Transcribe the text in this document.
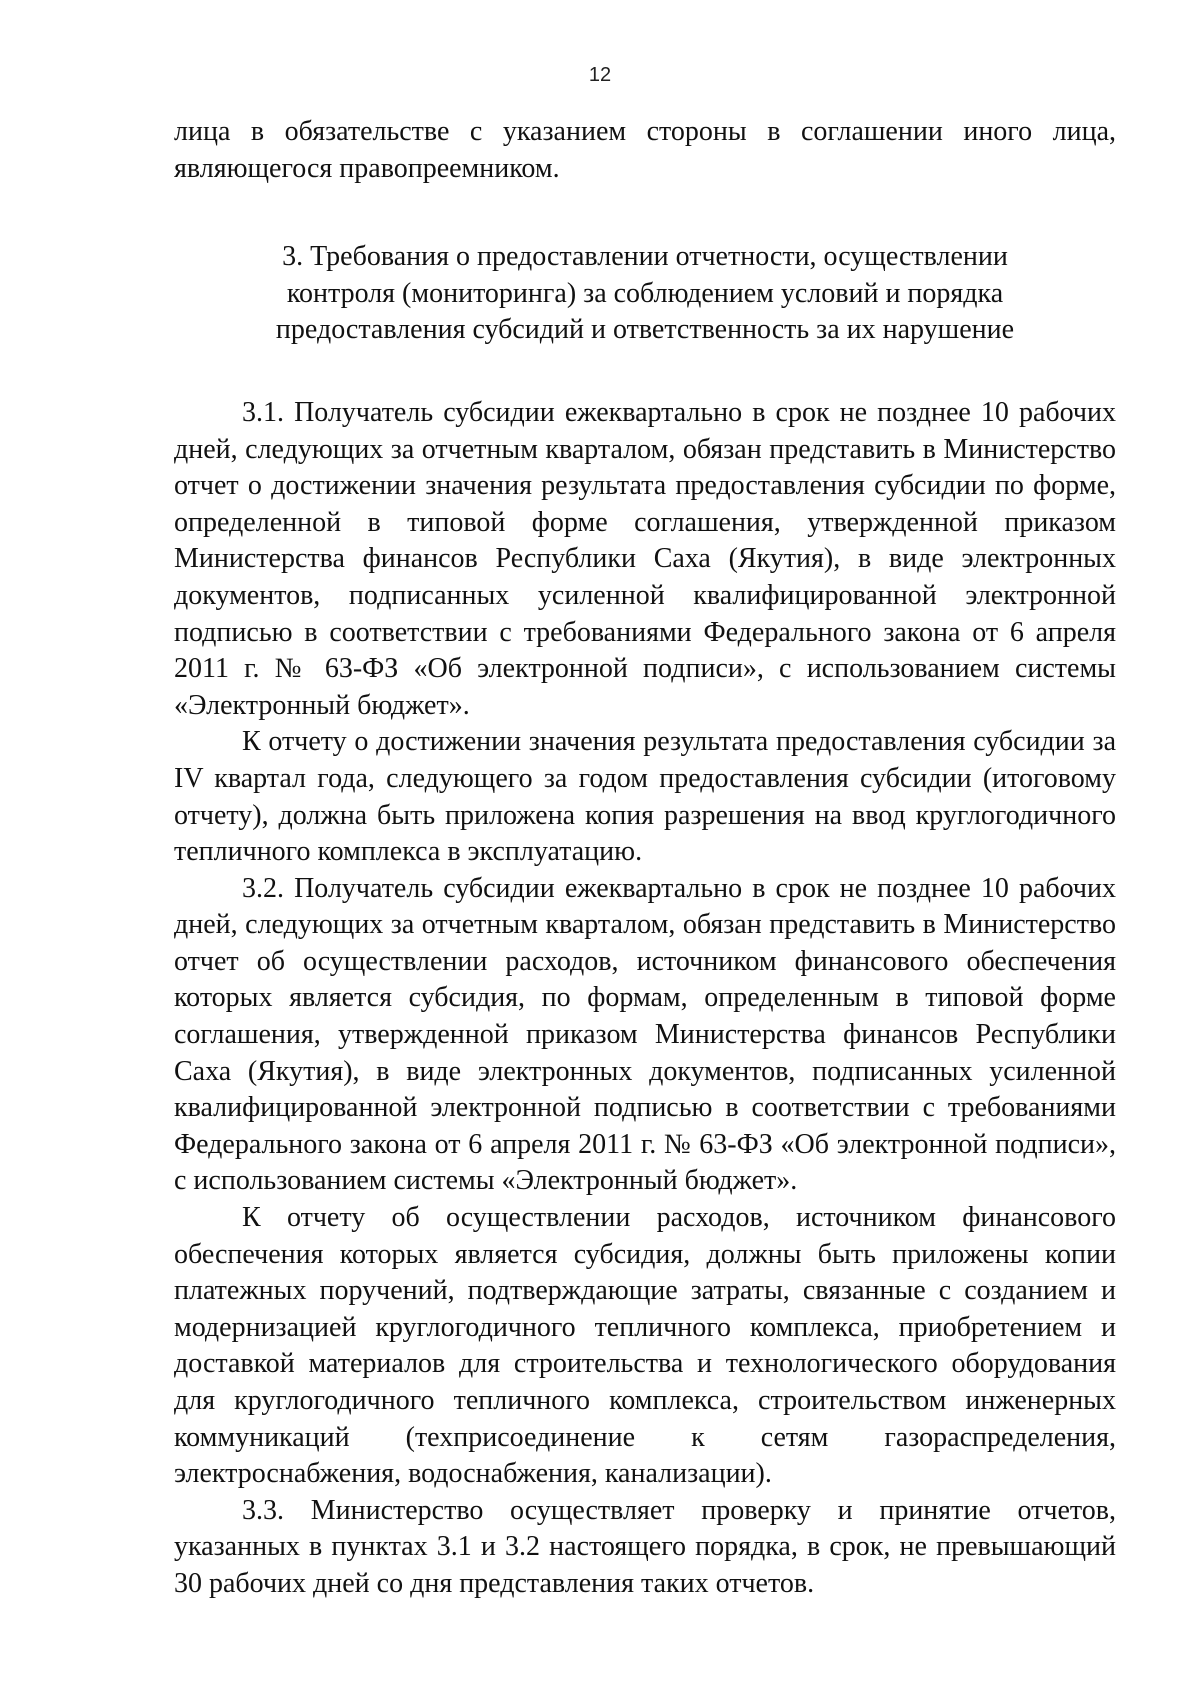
12

лица в обязательстве с указанием стороны в соглашении иного лица, являющегося правопреемником.

3. Требования о предоставлении отчетности, осуществлении
контроля (мониторинга) за соблюдением условий и порядка
предоставления субсидий и ответственность за их нарушение

3.1. Получатель субсидии ежеквартально в срок не позднее 10 рабочих дней, следующих за отчетным кварталом, обязан представить в Министерство отчет о достижении значения результата предоставления субсидии по форме, определенной в типовой форме соглашения, утвержденной приказом Министерства финансов Республики Саха (Якутия), в виде электронных документов, подписанных усиленной квалифицированной электронной подписью в соответствии с требованиями Федерального закона от 6 апреля 2011 г. № 63-ФЗ «Об электронной подписи», с использованием системы «Электронный бюджет».

К отчету о достижении значения результата предоставления субсидии за IV квартал года, следующего за годом предоставления субсидии (итоговому отчету), должна быть приложена копия разрешения на ввод круглогодичного тепличного комплекса в эксплуатацию.

3.2. Получатель субсидии ежеквартально в срок не позднее 10 рабочих дней, следующих за отчетным кварталом, обязан представить в Министерство отчет об осуществлении расходов, источником финансового обеспечения которых является субсидия, по формам, определенным в типовой форме соглашения, утвержденной приказом Министерства финансов Республики Саха (Якутия), в виде электронных документов, подписанных усиленной квалифицированной электронной подписью в соответствии с требованиями Федерального закона от 6 апреля 2011 г. № 63-ФЗ «Об электронной подписи», с использованием системы «Электронный бюджет».

К отчету об осуществлении расходов, источником финансового обеспечения которых является субсидия, должны быть приложены копии платежных поручений, подтверждающие затраты, связанные с созданием и модернизацией круглогодичного тепличного комплекса, приобретением и доставкой материалов для строительства и технологического оборудования для круглогодичного тепличного комплекса, строительством инженерных коммуникаций (техприсоединение к сетям газораспределения, электроснабжения, водоснабжения, канализации).

3.3. Министерство осуществляет проверку и принятие отчетов, указанных в пунктах 3.1 и 3.2 настоящего порядка, в срок, не превышающий 30 рабочих дней со дня представления таких отчетов.
